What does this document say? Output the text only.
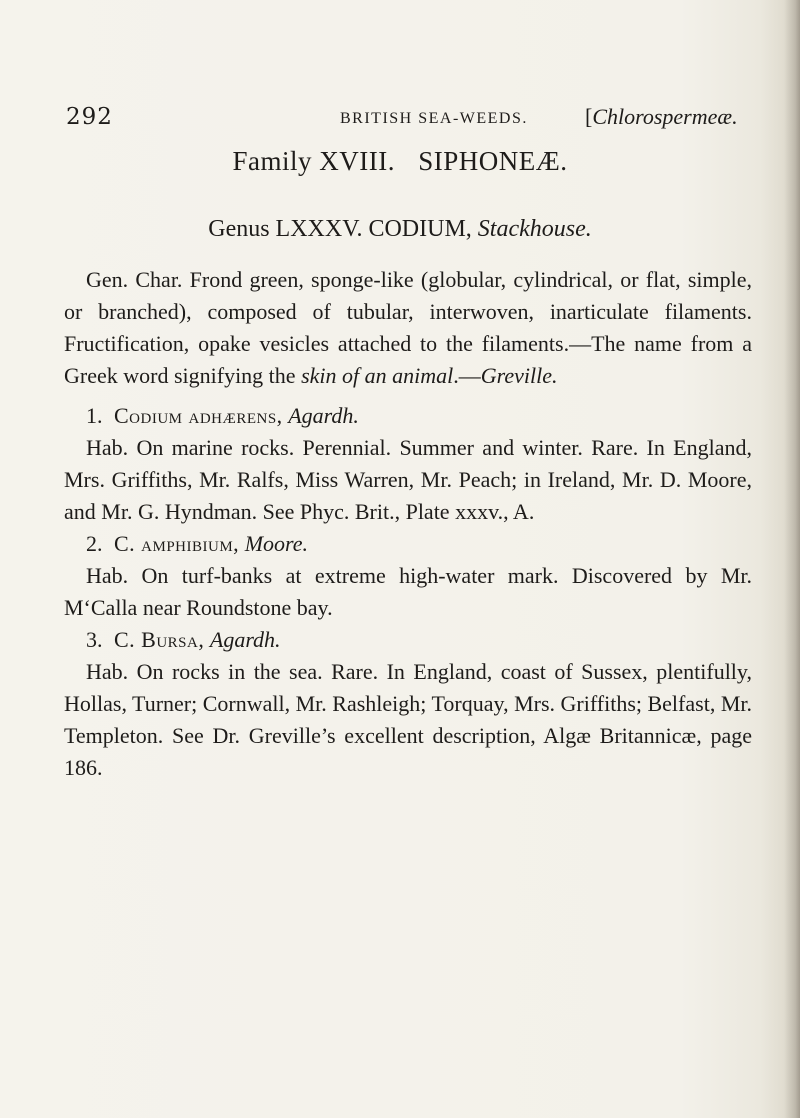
292	BRITISH SEA-WEEDS.	[Chlorospermeæ.
Family XVIII. SIPHONEÆ.
Genus LXXXV. CODIUM, Stackhouse.

Gen. Char. Frond green, sponge-like (globular, cylindrical, or flat, simple, or branched), composed of tubular, interwoven, inarticulate filaments. Fructification, opake vesicles attached to the filaments.—The name from a Greek word signifying the skin of an animal.—Greville.

1. Codium adhærens, Agardh.

Hab. On marine rocks. Perennial. Summer and winter. Rare. In England, Mrs. Griffiths, Mr. Ralfs, Miss Warren, Mr. Peach; in Ireland, Mr. D. Moore, and Mr. G. Hyndman. See Phyc. Brit., Plate xxxv., A.

2. C. amphibium, Moore.

Hab. On turf-banks at extreme high-water mark. Discovered by Mr. M‘Calla near Roundstone bay.

3. C. Bursa, Agardh.

Hab. On rocks in the sea. Rare. In England, coast of Sussex, plentifully, Hollas, Turner; Cornwall, Mr. Rashleigh; Torquay, Mrs. Griffiths; Belfast, Mr. Templeton. See Dr. Greville’s excellent description, Algæ Britannicæ, page 186.
